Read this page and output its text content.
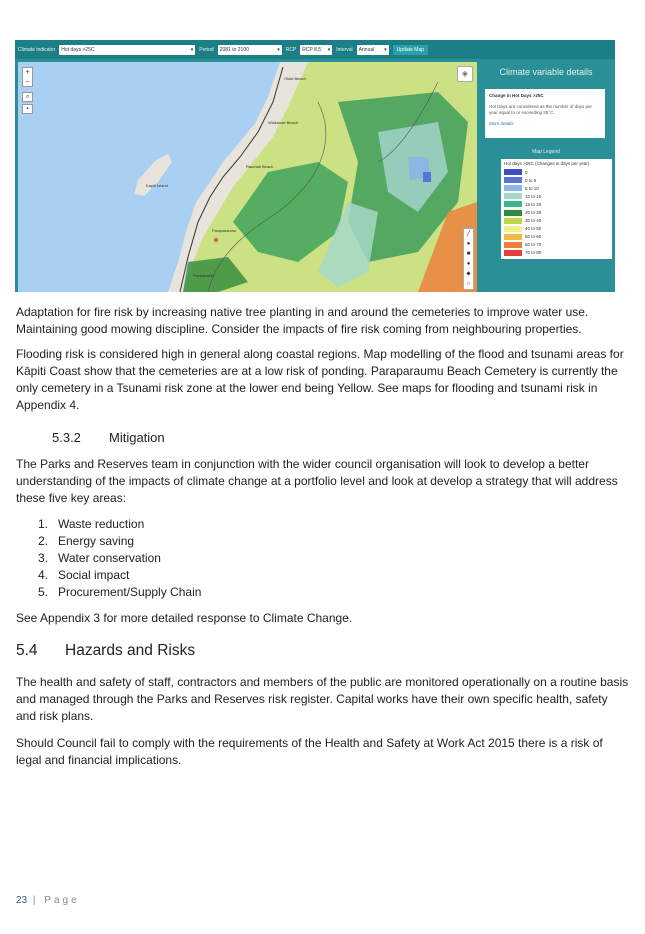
Climate indicator Hot days >25C	▾ Period 2081 to 2100	▾ RCP RCP 8.5 ▾ Interval Annual ▾	Update Map
Waikanae Beach
Raumati Beach
Paraparaumu
Paekakariki
Otaki Beach
Kapiti Island
+
–
⌕
▪
◈
╱
●
■
●
⬥
○
Climate variable details
Change in Hot Days >25C
Hot Days are considered as the number of days per year equal to or exceeding 25°C.
More details
Map Legend
Hot days >25C (Changes in days per year)
0
0 to 5
5 to 10
10 to 15
15 to 20
20 to 30
30 to 40
40 to 50
50 to 60
60 to 70
70 to 80

Adaptation for fire risk by increasing native tree planting in and around the cemeteries to improve water use. Maintaining good mowing discipline. Consider the impacts of fire risk coming from neighbouring properties.

Flooding risk is considered high in general along coastal regions. Map modelling of the flood and tsunami areas for Kāpiti Coast show that the cemeteries are at a low risk of ponding. Paraparaumu Beach Cemetery is currently the only cemetery in a Tsunami risk zone at the lower end being Yellow. See maps for flooding and tsunami risk in Appendix 4.

5.3.2 Mitigation

The Parks and Reserves team in conjunction with the wider council organisation will look to develop a better understanding of the impacts of climate change at a portfolio level and look at develop a strategy that will address these five key areas:

1. Waste reduction
2. Energy saving
3. Water conservation
4. Social impact
5. Procurement/Supply Chain

See Appendix 3 for more detailed response to Climate Change.

5.4 Hazards and Risks

The health and safety of staff, contractors and members of the public are monitored operationally on a routine basis and managed through the Parks and Reserves risk register. Capital works have their own specific health, safety and risk plans.

Should Council fail to comply with the requirements of the Health and Safety at Work Act 2015 there is a risk of legal and financial implications.

23 | Page
